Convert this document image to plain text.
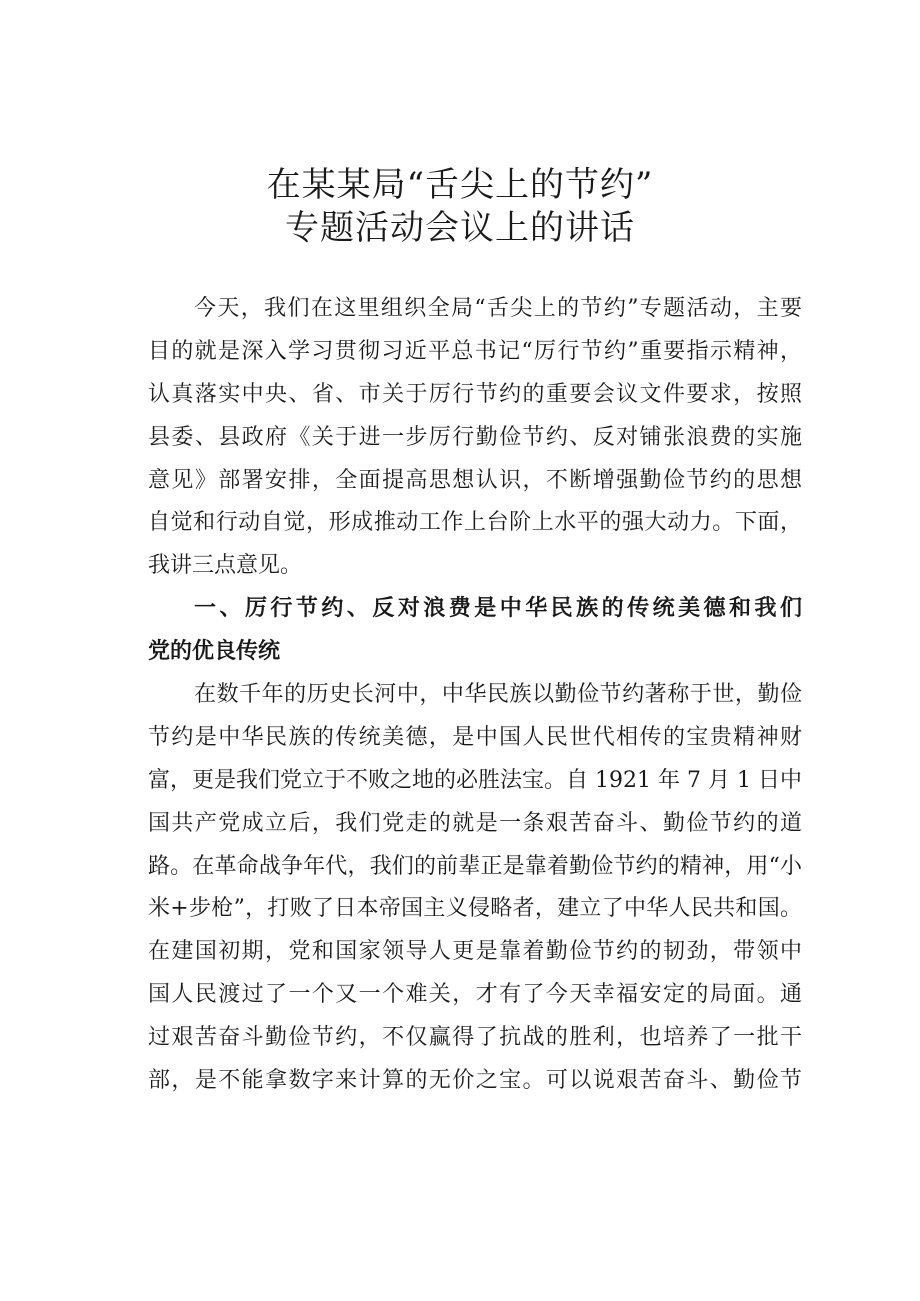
在某某局“舌尖上的节约”
专题活动会议上的讲话
今天，我们在这里组织全局“舌尖上的节约”专题活动，主要
目的就是深入学习贯彻习近平总书记“厉行节约”重要指示精神，
认真落实中央、省、市关于厉行节约的重要会议文件要求，按照
县委、县政府《关于进一步厉行勤俭节约、反对铺张浪费的实施
意见》部署安排，全面提高思想认识，不断增强勤俭节约的思想
自觉和行动自觉，形成推动工作上台阶上水平的强大动力。下面，
我讲三点意见。
一、厉行节约、反对浪费是中华民族的传统美德和我们
党的优良传统
在数千年的历史长河中，中华民族以勤俭节约著称于世，勤俭
节约是中华民族的传统美德，是中国人民世代相传的宝贵精神财
富，更是我们党立于不败之地的必胜法宝。自 1921 年 7 月 1 日中
国共产党成立后，我们党走的就是一条艰苦奋斗、勤俭节约的道
路。在革命战争年代，我们的前辈正是靠着勤俭节约的精神，用“小
米+步枪”，打败了日本帝国主义侵略者，建立了中华人民共和国。
在建国初期，党和国家领导人更是靠着勤俭节约的韧劲，带领中
国人民渡过了一个又一个难关，才有了今天幸福安定的局面。通
过艰苦奋斗勤俭节约，不仅赢得了抗战的胜利，也培养了一批干
部，是不能拿数字来计算的无价之宝。可以说艰苦奋斗、勤俭节
